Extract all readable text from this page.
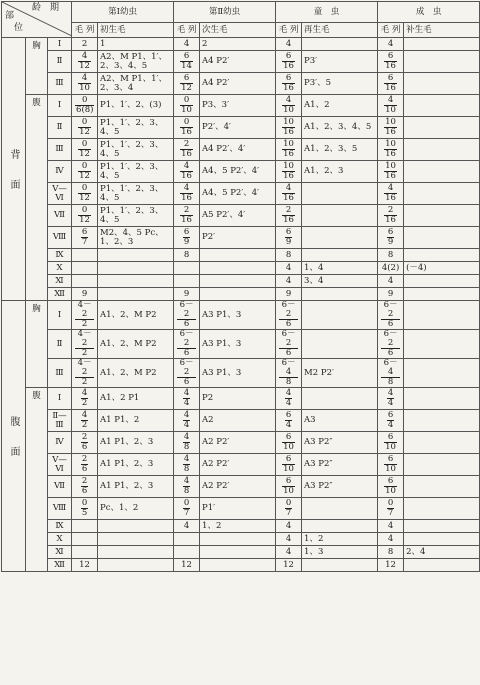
龄　期
部
位			第Ⅰ幼虫		第Ⅱ幼虫		童　虫		成　虫	
			毛 列	初生毛	毛 列	次生毛	毛 列	再生毛	毛 列	补生毛
背　　面	胸	Ⅰ	2	1	4	2	4		4	
		Ⅱ	$\frac{4}{12}$	A2、M P1、1′、2、3、4、5	$\frac{6}{14}$	A4 P2′	$\frac{6}{16}$	P3′	$\frac{6}{16}$

		Ⅲ	$\frac{4}{10}$	A2、M P1、1′、2、3、4	$\frac{6}{12}$	A4 P2′	$\frac{6}{16}$	P3′、5	$\frac{6}{16}$

	腹	Ⅰ	$\frac{0}{6(8)}$	P1、1′、2、(3)	$\frac{0}{10}$	P3、3′	$\frac{4}{10}$	A1、2	$\frac{4}{10}$

		Ⅱ	$\frac{0}{12}$	P1、1′、2、3、4、5	$\frac{0}{16}$	P2′、4′	$\frac{10}{16}$	A1、2、3、4、5	$\frac{10}{16}$

		Ⅲ	$\frac{0}{12}$	P1、1′、2、3、4、5	$\frac{2}{16}$	A4 P2′、4′	$\frac{10}{16}$	A1、2、3、5	$\frac{10}{16}$

		Ⅳ	$\frac{0}{12}$	P1、1′、2、3、4、5	$\frac{4}{16}$	A4、5 P2′、4′	$\frac{10}{16}$	A1、2、3	$\frac{10}{16}$

		Ⅴ—Ⅵ	$\frac{0}{12}$	P1、1′、2、3、4、5	$\frac{4}{16}$	A4、5 P2′、4′	$\frac{4}{16}$		$\frac{4}{16}$

		Ⅶ	$\frac{0}{12}$	P1、1′、2、3、4、5	$\frac{2}{16}$	A5 P2′、4′	$\frac{2}{16}$		$\frac{2}{16}$

		Ⅷ	$\frac{6}{7}$	M2、4、5 Pc、1、2、3	$\frac{6}{9}$	P2′	$\frac{6}{9}$		$\frac{6}{9}$

		Ⅸ			8		8		8	
		Ⅹ					4	1、4	4(2)	(－4)
		Ⅺ					4	3、4	4	
		Ⅻ	9		9		9		9	
腹　　面	胸	Ⅰ	$\frac{4-2}{2}$	A1、2、M P2	$\frac{6-2}{6}$	A3 P1、3	$\frac{6-2}{6}$		$\frac{6-2}{6}$

		Ⅱ	$\frac{4-2}{2}$	A1、2、M P2	$\frac{6-2}{6}$	A3 P1、3	$\frac{6-2}{6}$		$\frac{6-2}{6}$

		Ⅲ	$\frac{4-2}{2}$	A1、2、M P2	$\frac{6-2}{6}$	A3 P1、3	$\frac{6-4}{8}$	M2 P2′	$\frac{6-4}{8}$

	腹	Ⅰ	$\frac{4}{2}$	A1、2 P1	$\frac{4}{4}$	P2	$\frac{4}{4}$		$\frac{4}{4}$

		Ⅱ—Ⅲ	$\frac{4}{2}$	A1 P1、2	$\frac{4}{4}$	A2	$\frac{6}{4}$	A3	$\frac{6}{4}$

		Ⅳ	$\frac{2}{6}$	A1 P1、2、3	$\frac{4}{8}$	A2 P2′	$\frac{6}{10}$	A3 P2″	$\frac{6}{10}$

		Ⅴ—Ⅵ	$\frac{2}{6}$	A1 P1、2、3	$\frac{4}{8}$	A2 P2′	$\frac{6}{10}$	A3 P2″	$\frac{6}{10}$

		Ⅶ	$\frac{2}{6}$	A1 P1、2、3	$\frac{4}{8}$	A2 P2′	$\frac{6}{10}$	A3 P2″	$\frac{6}{10}$

		Ⅷ	$\frac{0}{5}$	Pc、1、2	$\frac{0}{7}$	P1′	$\frac{0}{7}$		$\frac{0}{7}$

		Ⅸ			4	1、2	4		4	
		Ⅹ					4	1、2	4	
		Ⅺ					4	1、3	8	2、4
		Ⅻ	12		12		12		12	
